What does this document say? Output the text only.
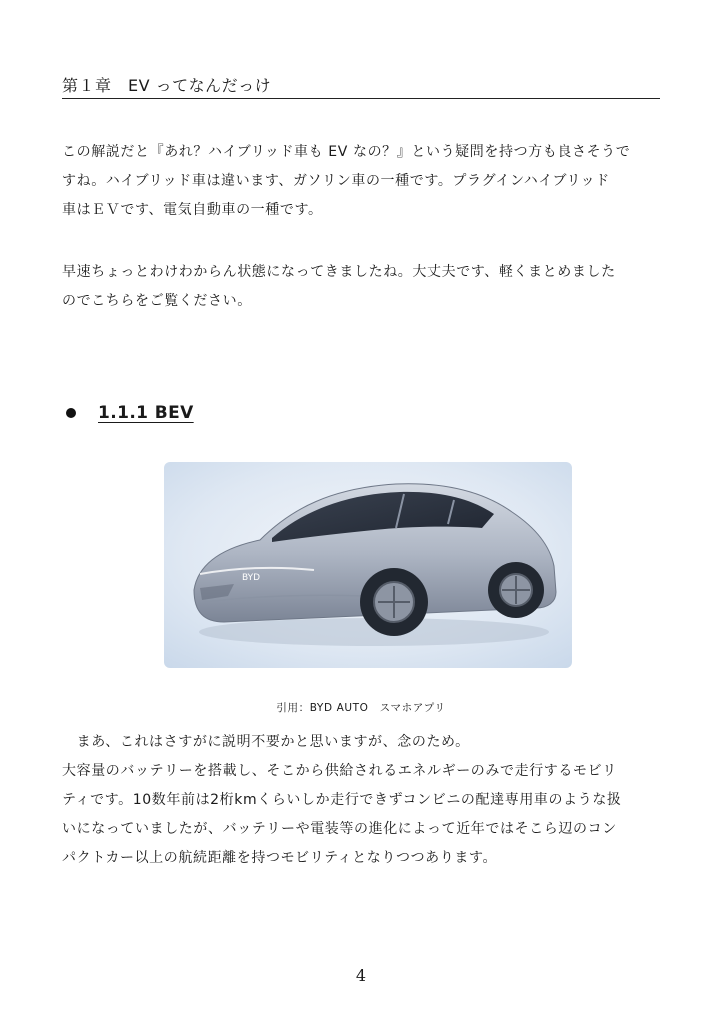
第１章　EV ってなんだっけ
この解説だと『あれ？ハイブリッド車も EV なの？』という疑問を持つ方も良さそうで
すね。ハイブリッド車は違います、ガソリン車の一種です。プラグインハイブリッド
車はＥＶです、電気自動車の一種です。
早速ちょっとわけわからん状態になってきましたね。大丈夫です、軽くまとめました
のでこちらをご覧ください。
1.1.1 BEV
BYD
引用：BYD AUTO　スマホアプリ
　まあ、これはさすがに説明不要かと思いますが、念のため。
大容量のバッテリーを搭載し、そこから供給されるエネルギーのみで走行するモビリ
ティです。10数年前は2桁kmくらいしか走行できずコンビニの配達専用車のような扱
いになっていましたが、バッテリーや電装等の進化によって近年ではそこら辺のコン
パクトカー以上の航続距離を持つモビリティとなりつつあります。
4
